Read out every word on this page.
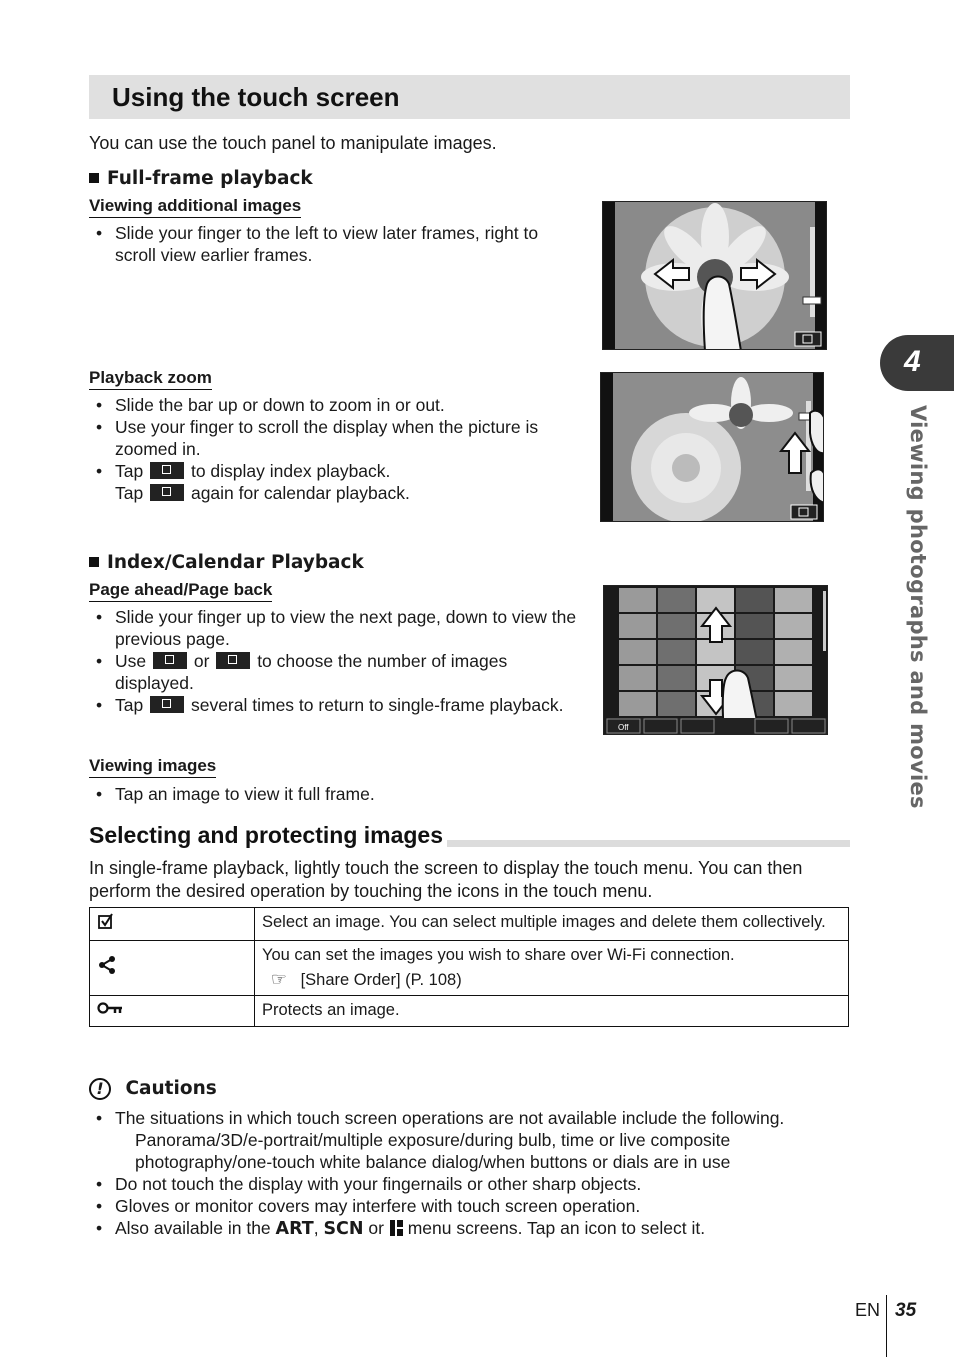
Using the touch screen
You can use the touch panel to manipulate images.
Full-frame playback
Viewing additional images
• Slide your finger to the left to view later frames, right to scroll view earlier frames.
Playback zoom
• Slide the bar up or down to zoom in or out.
• Use your finger to scroll the display when the picture is zoomed in.
• Tap	to display index playback.
Tap	again for calendar playback.
Index/Calendar Playback
Page ahead/Page back
• Slide your finger up to view the next page, down to view the previous page.
• Use	or	to choose the number of images displayed.
• Tap	several times to return to single-frame playback.
Off
Viewing images
• Tap an image to view it full frame.
Selecting and protecting images
In single-frame playback, lightly touch the screen to display the touch menu. You can then perform the desired operation by touching the icons in the touch menu.
	Select an image. You can select multiple images and delete them collectively.

You can set the images you wish to share over Wi-Fi connection.
☞ [Share Order] (P. 108)

	Protects an image.
! Cautions
• The situations in which touch screen operations are not available include the following.
Panorama/3D/e-portrait/multiple exposure/during bulb, time or live composite photography/one-touch white balance dialog/when buttons or dials are in use
• Do not touch the display with your fingernails or other sharp objects.
• Gloves or monitor covers may interfere with touch screen operation.
• Also available in the ART, SCN or menu screens. Tap an icon to select it.
4
Viewing photographs and movies
EN 35
